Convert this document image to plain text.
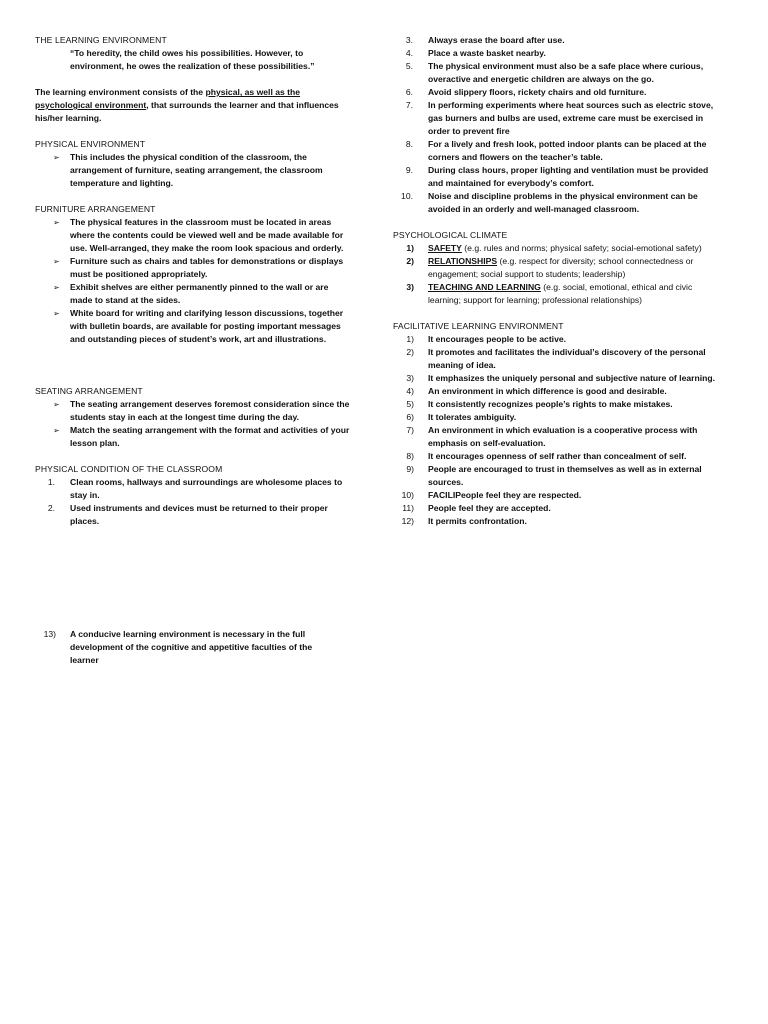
THE LEARNING ENVIRONMENT
“To heredity, the child owes his possibilities. However, to environment, he owes the realization of these possibilities.”
The learning environment consists of the physical, as well as the psychological environment, that surrounds the learner and that influences his/her learning.
PHYSICAL ENVIRONMENT
➢	This includes the physical condition of the classroom, the arrangement of furniture, seating arrangement, the classroom temperature and lighting.
FURNITURE ARRANGEMENT
➢	The physical features in the classroom must be located in areas where the contents could be viewed well and be made available for use. Well-arranged, they make the room look spacious and orderly.
➢	Furniture such as chairs and tables for demonstrations or displays must be positioned appropriately.
➢	Exhibit shelves are either permanently pinned to the wall or are made to stand at the sides.
➢	White board for writing and clarifying lesson discussions, together with bulletin boards, are available for posting important messages and outstanding pieces of student’s work, art and illustrations.
SEATING ARRANGEMENT
➢	The seating arrangement deserves foremost consideration since the students stay in each at the longest time during the day.
➢	Match the seating arrangement with the format and activities of your lesson plan.
PHYSICAL CONDITION OF THE CLASSROOM
1.	Clean rooms, hallways and surroundings are wholesome places to stay in.
2.	Used instruments and devices must be returned to their proper places.
13)	A conducive learning environment is necessary in the full development of the cognitive and appetitive faculties of the learner
3.	Always erase the board after use.
4.	Place a waste basket nearby.
5.	The physical environment must also be a safe place where curious, overactive and energetic children are always on the go.
6.	Avoid slippery floors, rickety chairs and old furniture.
7.	In performing experiments where heat sources such as electric stove, gas burners and bulbs are used, extreme care must be exercised in order to prevent fire
8.	For a lively and fresh look, potted indoor plants can be placed at the corners and flowers on the teacher’s table.
9.	During class hours, proper lighting and ventilation must be provided and maintained for everybody’s comfort.
10.	Noise and discipline problems in the physical environment can be avoided in an orderly and well-managed classroom.
PSYCHOLOGICAL CLIMATE
1)	SAFETY (e.g. rules and norms; physical safety; social-emotional safety)
2)	RELATIONSHIPS (e.g. respect for diversity; school connectedness or engagement; social support to students; leadership)
3)	TEACHING AND LEARNING (e.g. social, emotional, ethical and civic learning; support for learning; professional relationships)
FACILITATIVE LEARNING ENVIRONMENT
1)	It encourages people to be active.
2)	It promotes and facilitates the individual’s discovery of the personal meaning of idea.
3)	It emphasizes the uniquely personal and subjective nature of learning.
4)	An environment in which difference is good and desirable.
5)	It consistently recognizes people’s rights to make mistakes.
6)	It tolerates ambiguity.
7)	An environment in which evaluation is a cooperative process with emphasis on self-evaluation.
8)	It encourages openness of self rather than concealment of self.
9)	People are encouraged to trust in themselves as well as in external sources.
10)	FACILIPeople feel they are respected.
11)	People feel they are accepted.
12)	It permits confrontation.
